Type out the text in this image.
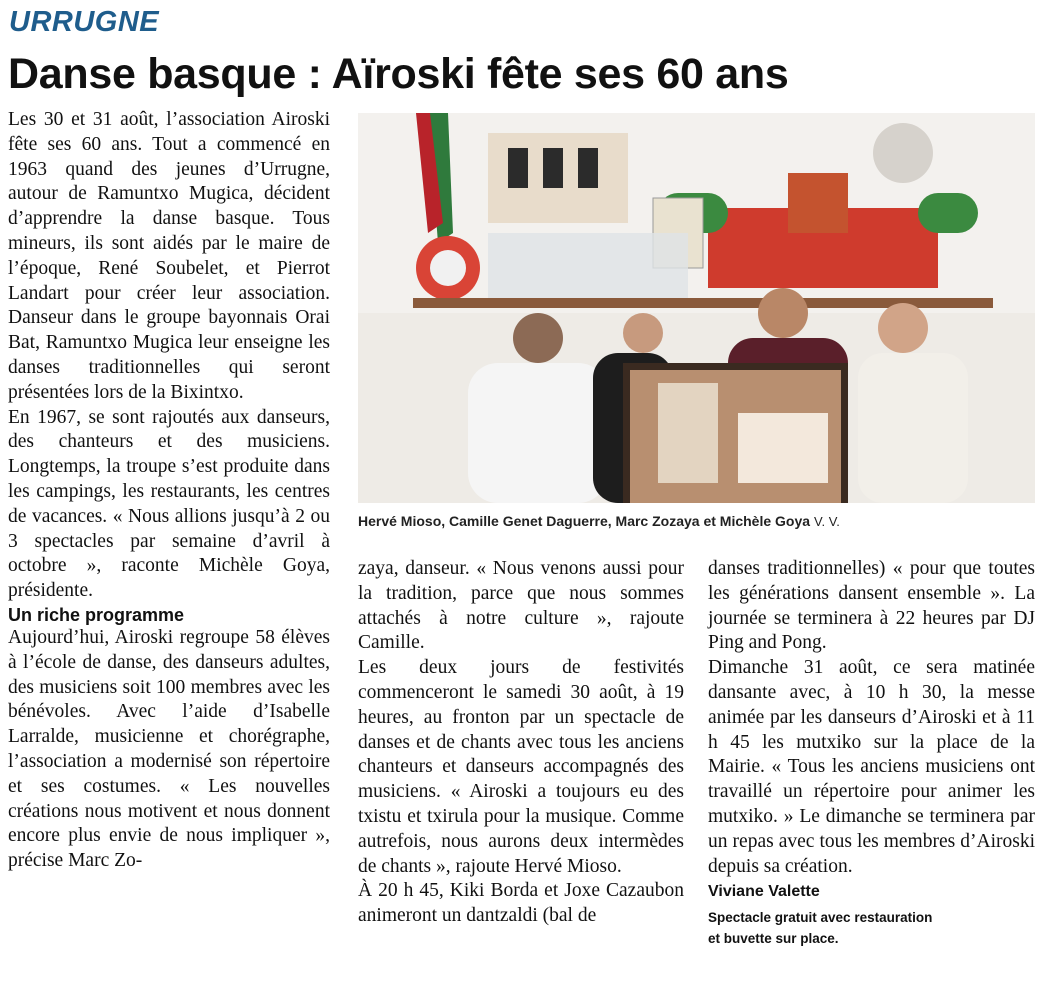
URRUGNE
Danse basque : Aïroski fête ses 60 ans

Les 30 et 31 août, l’association Airoski fête ses 60 ans. Tout a commencé en 1963 quand des jeunes d’Urrugne, autour de Ramuntxo Mugica, décident d’apprendre la danse basque. Tous mineurs, ils sont aidés par le maire de l’époque, René Soubelet, et Pierrot Landart pour créer leur association. Danseur dans le groupe bayonnais Orai Bat, Ramuntxo Mugica leur enseigne les danses traditionnelles qui seront présentées lors de la Bixintxo.

En 1967, se sont rajoutés aux danseurs, des chanteurs et des musiciens. Longtemps, la troupe s’est produite dans les campings, les restaurants, les centres de vacances. « Nous allions jusqu’à 2 ou 3 spectacles par semaine d’avril à octobre », raconte Michèle Goya, présidente.

Un riche programme

Aujourd’hui, Airoski regroupe 58 élèves à l’école de danse, des danseurs adultes, des musiciens soit 100 membres avec les bénévoles. Avec l’aide d’Isabelle Larralde, musicienne et chorégraphe, l’association a modernisé son répertoire et ses costumes. « Les nouvelles créations nous motivent et nous donnent encore plus envie de nous impliquer », précise Marc Zo-

Hervé Mioso, Camille Genet Daguerre, Marc Zozaya et Michèle Goya V. V.

zaya, danseur. « Nous venons aussi pour la tradition, parce que nous sommes attachés à notre culture », rajoute Camille.

Les deux jours de festivités commenceront le samedi 30 août, à 19 heures, au fronton par un spectacle de danses et de chants avec tous les anciens chanteurs et danseurs accompagnés des musiciens. « Airoski a toujours eu des txistu et txirula pour la musique. Comme autrefois, nous aurons deux intermèdes de chants », rajoute Hervé Mioso.

À 20 h 45, Kiki Borda et Joxe Cazaubon animeront un dantzaldi (bal de

danses traditionnelles) « pour que toutes les générations dansent ensemble ». La journée se terminera à 22 heures par DJ Ping and Pong.

Dimanche 31 août, ce sera matinée dansante avec, à 10 h 30, la messe animée par les danseurs d’Airoski et à 11 h 45 les mutxiko sur la place de la Mairie. « Tous les anciens musiciens ont travaillé un répertoire pour animer les mutxiko. » Le dimanche se terminera par un repas avec tous les membres d’Airoski depuis sa création.

Viviane Valette
Spectacle gratuit avec restauration
et buvette sur place.
